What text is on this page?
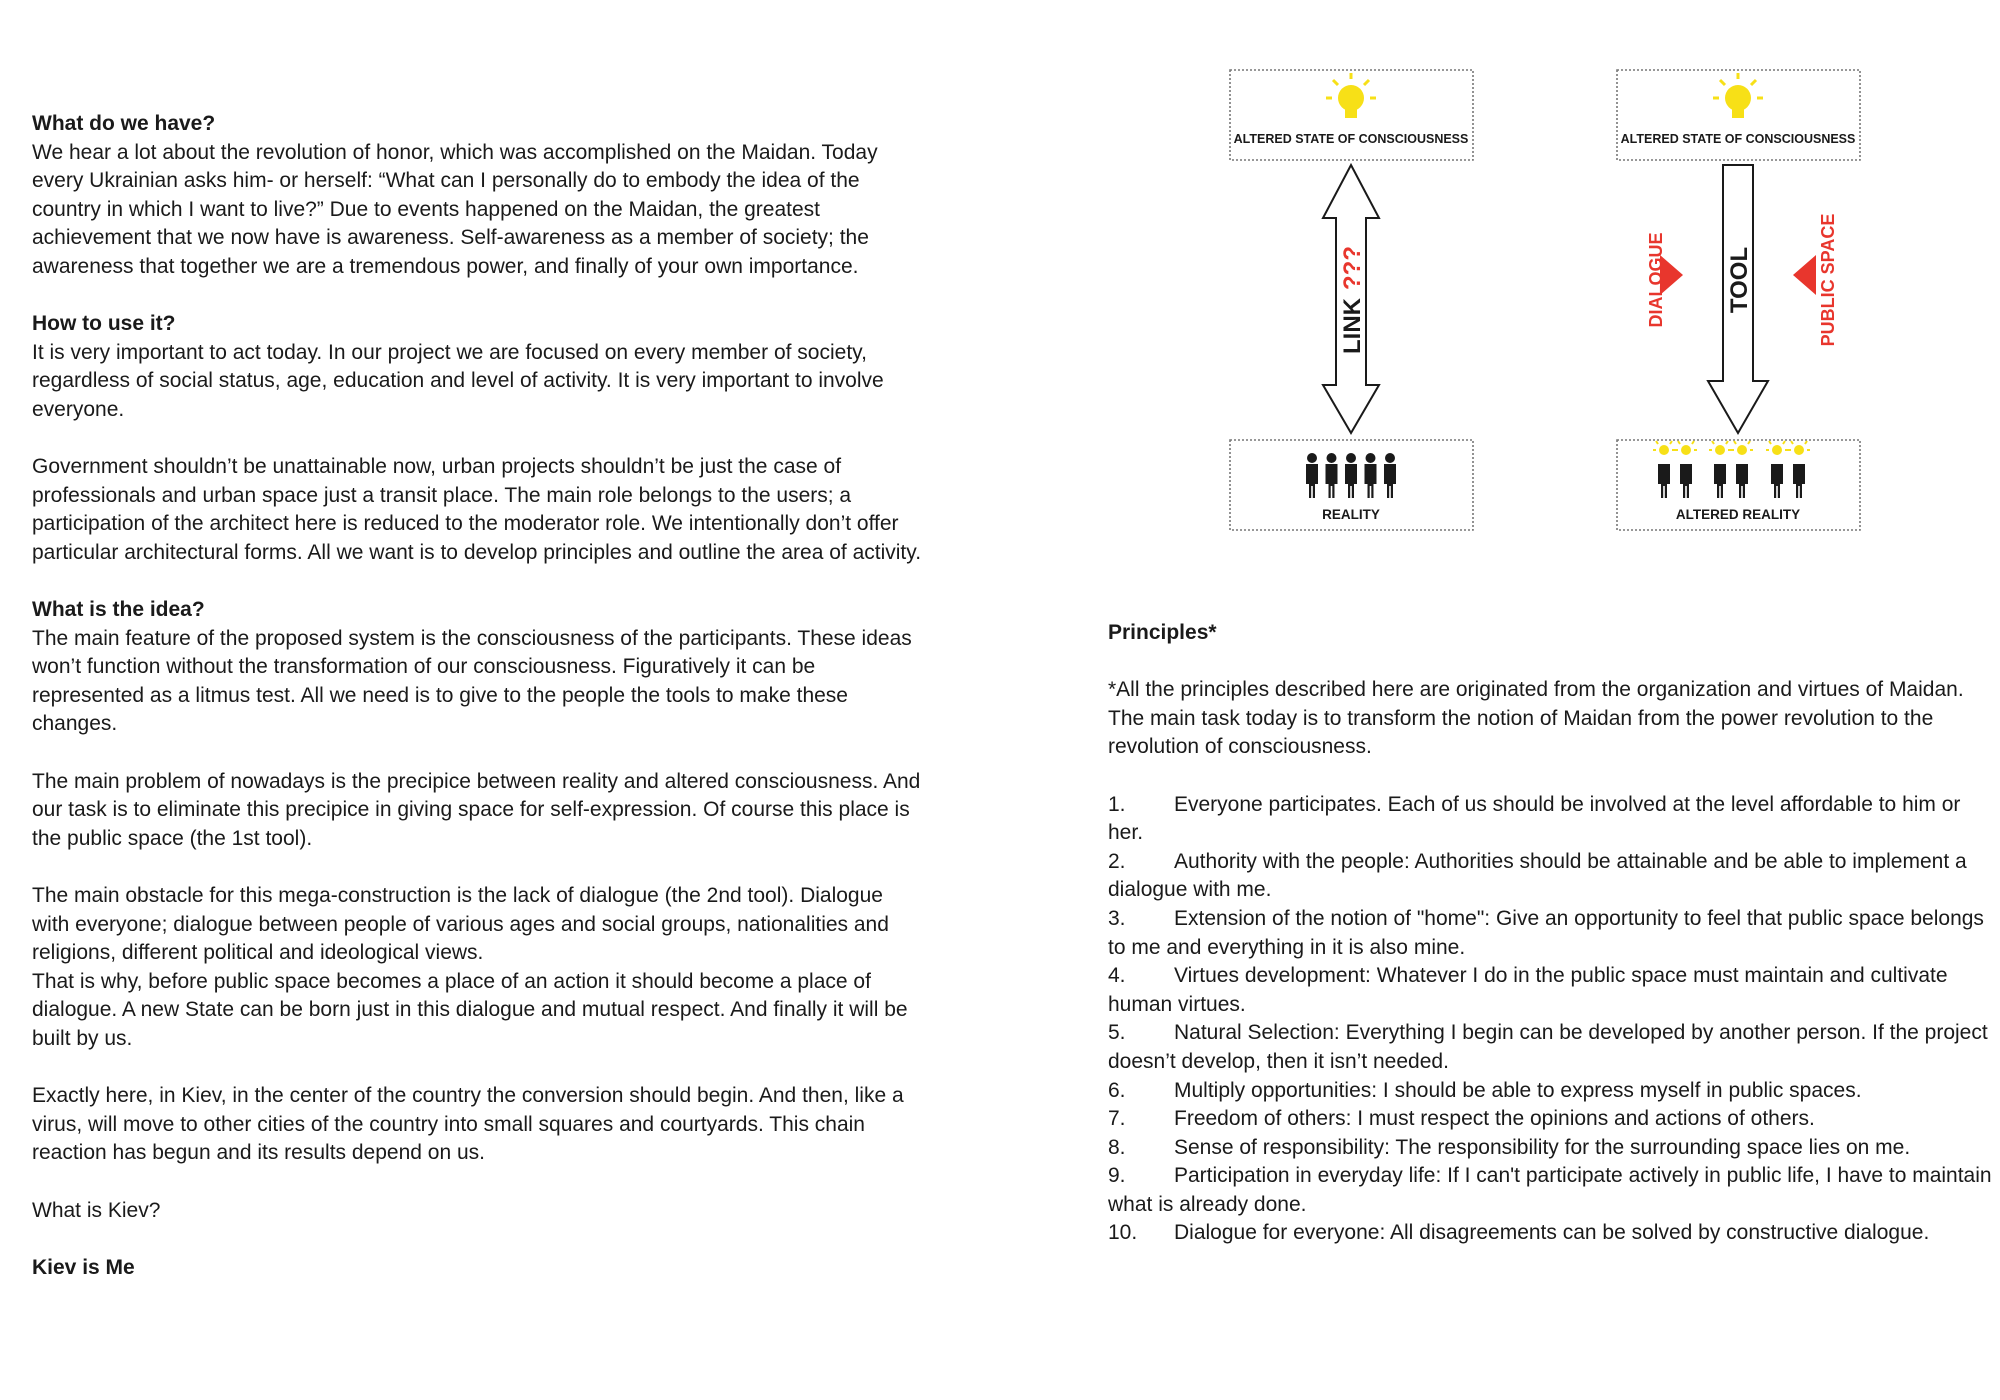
What do we have?
We hear a lot about the revolution of honor, which was accomplished on the Maidan. Today every Ukrainian asks him- or herself: “What can I personally do to embody the idea of the country in which I want to live?” Due to events happened on the Maidan, the greatest achievement that we now have is awareness. Self-awareness as a member of society; the awareness that together we are a tremendous power, and finally of your own importance.
How to use it?
It is very important to act today. In our project we are focused on every member of society, regardless of social status, age, education and level of activity. It is very important to involve everyone.
Government shouldn’t be unattainable now, urban projects shouldn’t be just the case of professionals and urban space just a transit place. The main role belongs to the users; a participation of the architect here is reduced to the moderator role. We intentionally don’t offer particular architectural forms. All we want is to develop principles and outline the area of activity.
What is the idea?
The main feature of the proposed system is the consciousness of the participants. These ideas won’t function without the transformation of our consciousness. Figuratively it can be represented as a litmus test. All we need is to give to the people the tools to make these changes.
The main problem of nowadays is the precipice between reality and altered consciousness. And our task is to eliminate this precipice in giving space for self-expression. Of course this place is the public space (the 1st tool).
The main obstacle for this mega-construction is the lack of dialogue (the 2nd tool). Dialogue with everyone; dialogue between people of various ages and social groups, nationalities and religions, different political and ideological views.
That is why, before public space becomes a place of an action it should become a place of dialogue. A new State can be born just in this dialogue and mutual respect. And finally it will be built by us.
Exactly here, in Kiev, in the center of the country the conversion should begin. And then, like a virus, will move to other cities of the country into small squares and courtyards. This chain reaction has begun and its results depend on us.
What is Kiev?
Kiev is Me
Principles*
*All the principles described here are originated from the organization and virtues of Maidan. The main task today is to transform the notion of Maidan from the power revolution to the revolution of consciousness.
1. Everyone participates. Each of us should be involved at the level affordable to him or her.
2. Authority with the people: Authorities should be attainable and be able to implement a dialogue with me.
3. Extension of the notion of "home": Give an opportunity to feel that public space belongs to me and everything in it is also mine.
4. Virtues development: Whatever I do in the public space must maintain and cultivate human virtues.
5. Natural Selection: Everything I begin can be developed by another person. If the project doesn’t develop, then it isn’t needed.
6. Multiply opportunities: I should be able to express myself in public spaces.
7. Freedom of others: I must respect the opinions and actions of others.
8. Sense of responsibility: The responsibility for the surrounding space lies on me.
9. Participation in everyday life: If I can't participate actively in public life, I have to maintain what is already done.
10. Dialogue for everyone: All disagreements can be solved by constructive dialogue.
ALTERED STATE OF CONSCIOUSNESS
LINK???
REALITY
ALTERED STATE OF CONSCIOUSNESS
TOOL
DIALOGUE	PUBLIC SPACE
ALTERED REALITY
